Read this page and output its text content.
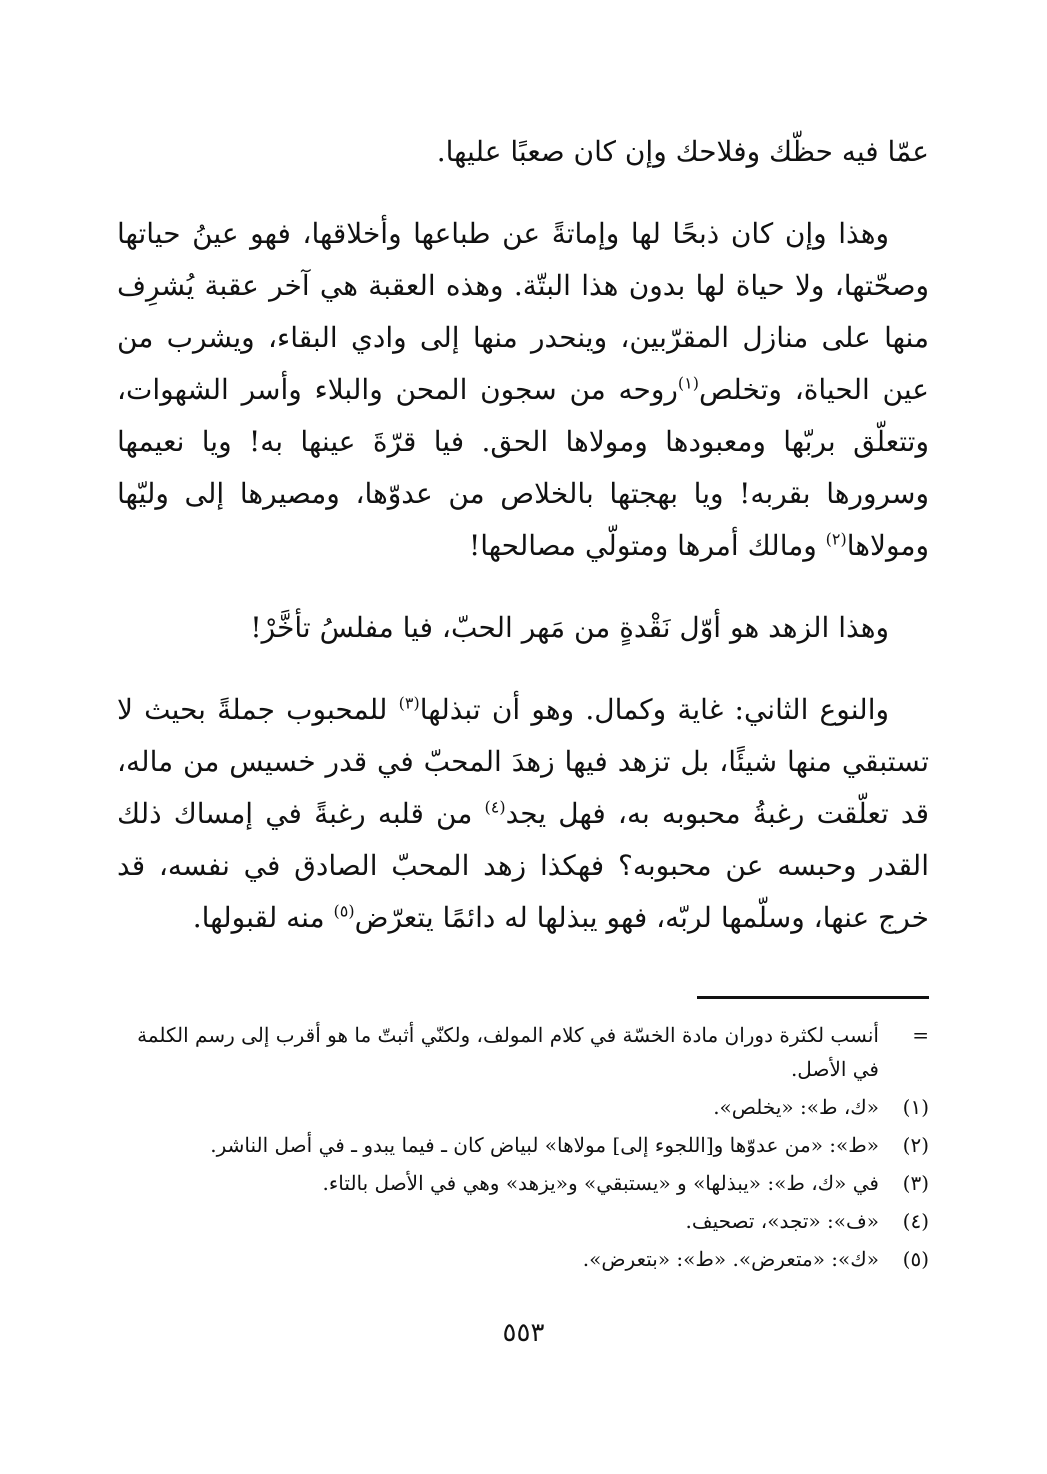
عمّا فيه حظّك وفلاحك وإن كان صعبًا عليها.

وهذا وإن كان ذبحًا لها وإماتةً عن طباعها وأخلاقها، فهو عينُ حياتها وصحّتها، ولا حياة لها بدون هذا البتّة. وهذه العقبة هي آخر عقبة يُشرِف منها على منازل المقرّبين، وينحدر منها إلى وادي البقاء، ويشرب من عين الحياة، وتخلص$^{(١)}$روحه من سجون المحن والبلاء وأسر الشهوات، وتتعلّق بربّها ومعبودها ومولاها الحق. فيا قرّةَ عينها به! ويا نعيمها وسرورها بقربه! ويا بهجتها بالخلاص من عدوّها، ومصيرها إلى وليّها ومولاها$^{(٢)}$ ومالك أمرها ومتولّي مصالحها!

وهذا الزهد هو أوّل نَقْدةٍ من مَهر الحبّ، فيا مفلسُ تأخَّرْ!

والنوع الثاني: غاية وكمال. وهو أن تبذلها$^{(٣)}$ للمحبوب جملةً بحيث لا تستبقي منها شيئًا، بل تزهد فيها زهدَ المحبّ في قدر خسيس من ماله، قد تعلّقت رغبةُ محبوبه به، فهل يجد$^{(٤)}$ من قلبه رغبةً في إمساك ذلك القدر وحبسه عن محبوبه؟ فهكذا زهد المحبّ الصادق في نفسه، قد خرج عنها، وسلّمها لربّه، فهو يبذلها له دائمًا يتعرّض$^{(٥)}$ منه لقبولها.

=
أنسب لكثرة دوران مادة الخسّة في كلام المولف، ولكنّي أثبتّ ما هو أقرب إلى رسم الكلمة في الأصل.
(١)
«ك، ط»: «يخلص».
(٢)
«ط»: «من عدوّها و[اللجوء إلى] مولاها» لبياض كان ـ فيما يبدو ـ في أصل الناشر.
(٣)
في «ك، ط»: «يبذلها» و «يستبقي» و«يزهد» وهي في الأصل بالتاء.
(٤)
«ف»: «تجد»، تصحيف.
(٥)
«ك»: «متعرض». «ط»: «بتعرض».
٥٥٣
